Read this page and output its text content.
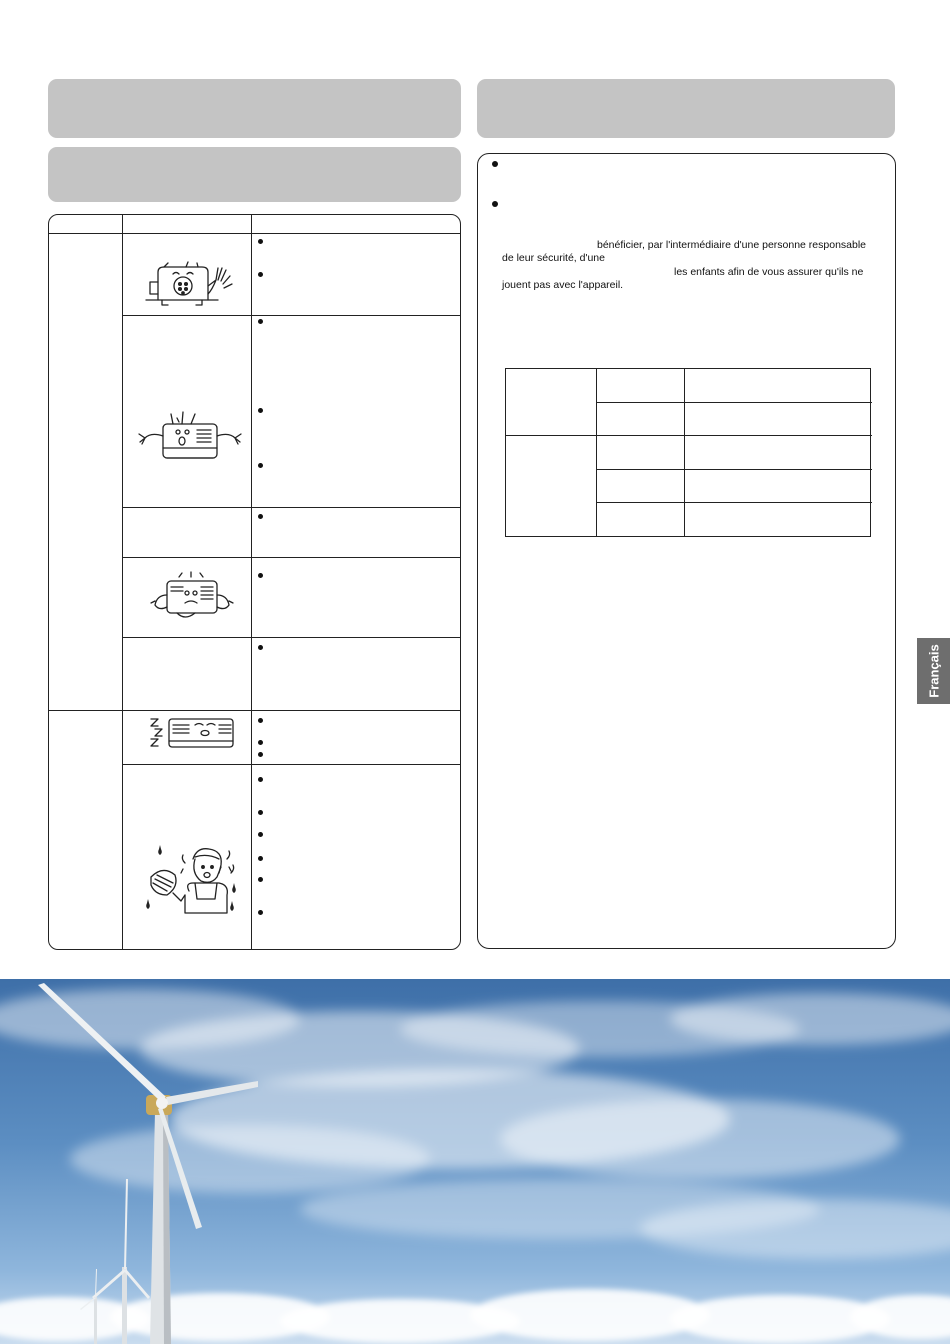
bénéficier, par l'intermédiaire d'une personne responsable
de leur sécurité, d'une
les enfants afin de vous assurer qu'ils ne
jouent pas avec l'appareil.
Français
